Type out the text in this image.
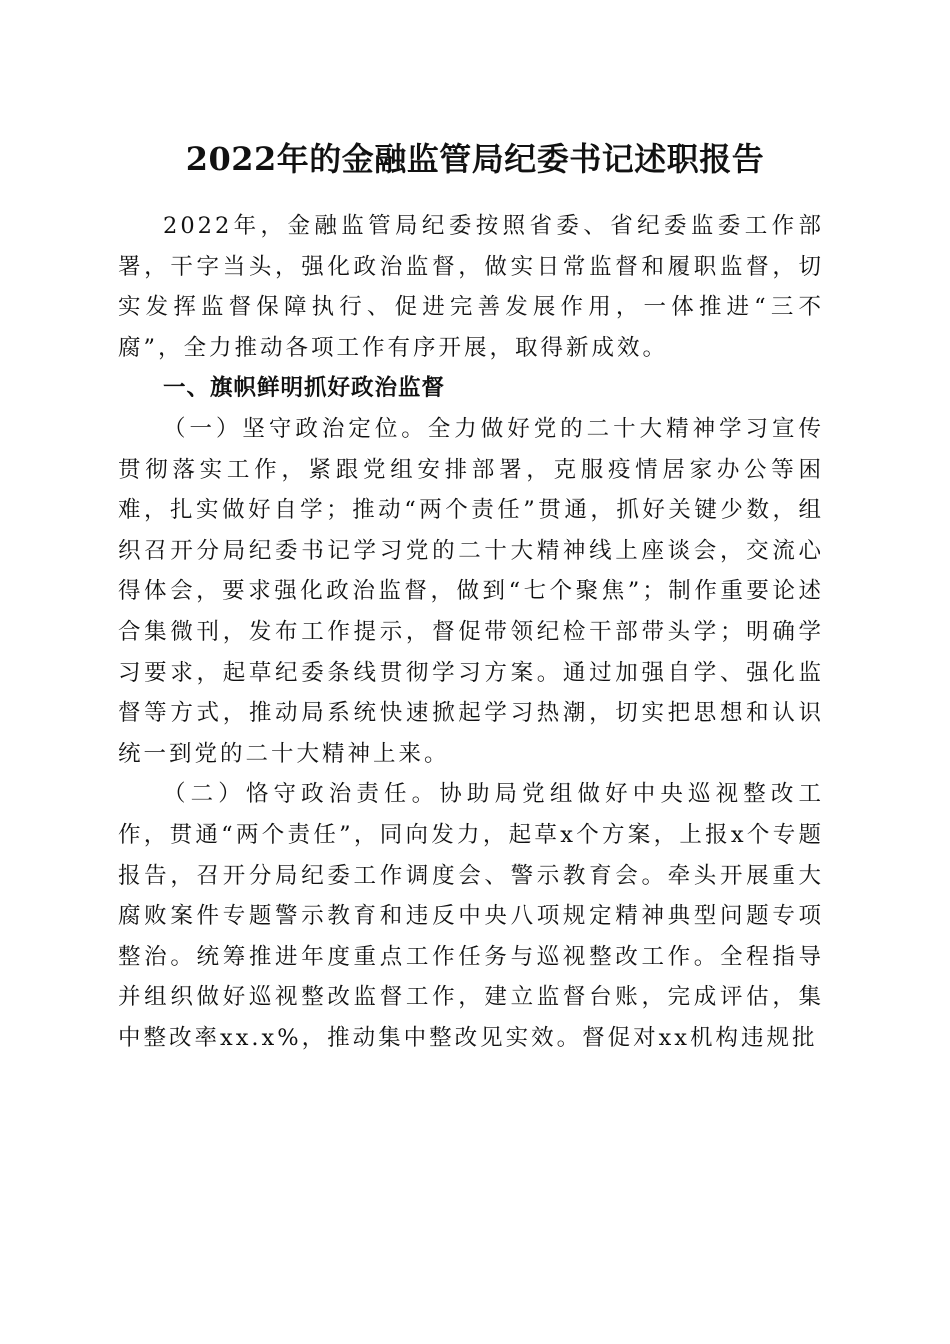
2022年的金融监管局纪委书记述职报告

2022年，金融监管局纪委按照省委、省纪委监委工作部署，干字当头，强化政治监督，做实日常监督和履职监督，切实发挥监督保障执行、促进完善发展作用，一体推进“三不腐”，全力推动各项工作有序开展，取得新成效。

一、旗帜鲜明抓好政治监督

（一）坚守政治定位。全力做好党的二十大精神学习宣传贯彻落实工作，紧跟党组安排部署，克服疫情居家办公等困难，扎实做好自学；推动“两个责任”贯通，抓好关键少数，组织召开分局纪委书记学习党的二十大精神线上座谈会，交流心得体会，要求强化政治监督，做到“七个聚焦”；制作重要论述合集微刊，发布工作提示，督促带领纪检干部带头学；明确学习要求，起草纪委条线贯彻学习方案。通过加强自学、强化监督等方式，推动局系统快速掀起学习热潮，切实把思想和认识统一到党的二十大精神上来。

（二）恪守政治责任。协助局党组做好中央巡视整改工作，贯通“两个责任”，同向发力，起草x个方案，上报x个专题报告，召开分局纪委工作调度会、警示教育会。牵头开展重大腐败案件专题警示教育和违反中央八项规定精神典型问题专项整治。统筹推进年度重点工作任务与巡视整改工作。全程指导并组织做好巡视整改监督工作，建立监督台账，完成评估，集中整改率xx.x%，推动集中整改见实效。督促对xx机构违规批
